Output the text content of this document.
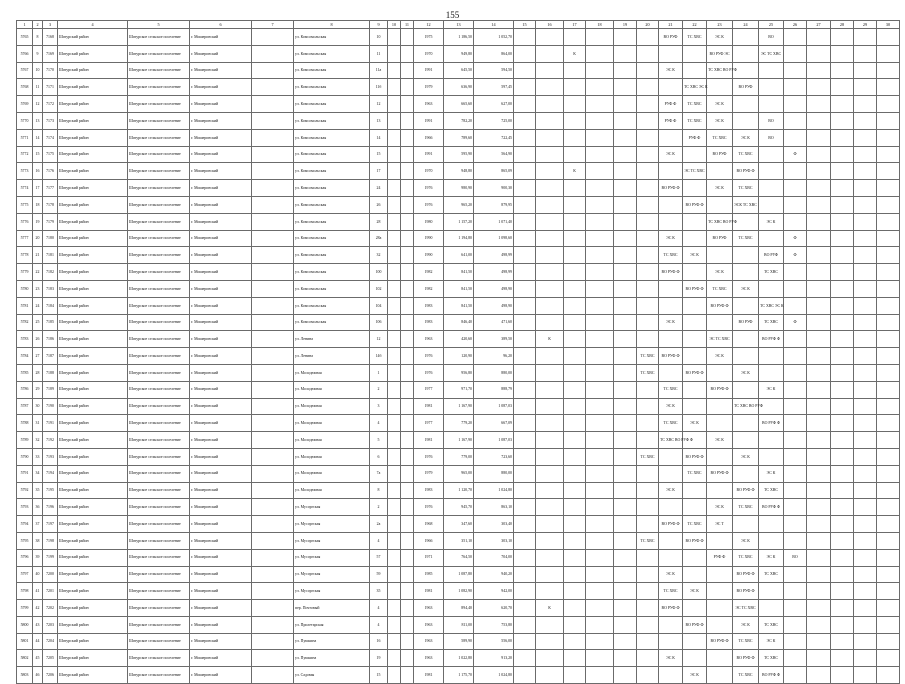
155
1	2	3	4	5	6	7	8	9	10	11	12	13	14	15	16	17	18	19	20	21	22	23	24	25	26	27	28	29	30
5765	8	7168	Шатурский район	Шатурское сельское поселение	г. Мишеронский		ул. Комсомольская	10			1975	1 186,50	1 052,70							ВО РУФ	ТС ХВС	ЭС К		ВО					
5766	9	7169	Шатурский район	Шатурское сельское поселение	г. Мишеронский		ул. Комсомольская	11			1970	949,80	864,00			К						ВО РУФ ЭС		ЭС ТС ХВС					
5767	10	7170	Шатурский район	Шатурское сельское поселение	г. Мишеронский		ул. Комсомольская	11а			1991	645,50	594,50							ЭС К		ТС ХВС ВО РУФ							
5768	11	7171	Шатурский район	Шатурское сельское поселение	г. Мишеронский		ул. Комсомольская	11б			1979	636,90	597,45								ТС ХВС ЭС К		ВО РУФ						
5769	12	7172	Шатурский район	Шатурское сельское поселение	г. Мишеронский		ул. Комсомольская	12			1963	665,60	627,00							РУФ Ф	ТС ХВС	ЭС К							
5770	13	7173	Шатурский район	Шатурское сельское поселение	г. Мишеронский		ул. Комсомольская	13			1991	782,20	725,00							РУФ Ф	ТС ХВС	ЭС К		ВО					
5771	14	7174	Шатурский район	Шатурское сельское поселение	г. Мишеронский		ул. Комсомольская	14			1966	789,60	722,45								РУФ Ф	ТС ХВС	ЭС К	ВО					
5772	15	7175	Шатурский район	Шатурское сельское поселение	г. Мишеронский		ул. Комсомольская	15			1991	595,90	564,90							ЭС К		ВО РУФ	ТС ХВС		Ф				
5773	16	7176	Шатурский район	Шатурское сельское поселение	г. Мишеронский		ул. Комсомольская	17			1970	948,80	865,09			К					ЭС ТС ХВС		ВО РУФ Ф						
5774	17	7177	Шатурский район	Шатурское сельское поселение	г. Мишеронский		ул. Комсомольская	24			1976	980,90	900,30							ВО РУФ Ф		ЭС К	ТС ХВС						
5775	18	7178	Шатурский район	Шатурское сельское поселение	г. Мишеронский		ул. Комсомольская	26			1976	965,20	879,95								ВО РУФ Ф		ЭСК ТС ХВС						
5776	19	7179	Шатурский район	Шатурское сельское поселение	г. Мишеронский		ул. Комсомольская	28			1980	1 157,20	1 071,40									ТС ХВС ВО РУФ		ЭС К					
5777	20	7180	Шатурский район	Шатурское сельское поселение	г. Мишеронский		ул. Комсомольская	28а			1990	1 194,80	1 098,60							ЭС К		ВО РУФ	ТС ХВС		Ф				
5778	21	7181	Шатурский район	Шатурское сельское поселение	г. Мишеронский		ул. Комсомольская	32			1990	641,00	498,99							ТС ХВС	ЭС К			ВО РУФ	Ф				
5779	22	7182	Шатурский район	Шатурское сельское поселение	г. Мишеронский		ул. Комсомольская	100			1982	841,50	498,99							ВО РУФ Ф		ЭС К		ТС ХВС					
5780	23	7183	Шатурский район	Шатурское сельское поселение	г. Мишеронский		ул. Комсомольская	102			1982	841,50	498,90								ВО РУФ Ф	ТС ХВС	ЭС К						
5781	24	7184	Шатурский район	Шатурское сельское поселение	г. Мишеронский		ул. Комсомольская	104			1983	841,50	498,90									ВО РУФ Ф		ТС ХВС ЭС К					
5782	25	7185	Шатурский район	Шатурское сельское поселение	г. Мишеронский		ул. Комсомольская	106			1983	846,40	471,60							ЭС К			ВО РУФ	ТС ХВС	Ф				
5783	26	7186	Шатурский район	Шатурское сельское поселение	г. Мишеронский		ул. Ленина	12			1963	420,60	389,50		К							ЭС ТС ХВС		ВО РУФ Ф					
5784	27	7187	Шатурский район	Шатурское сельское поселение	г. Мишеронский		ул. Ленина	14б			1976	120,90	96,20						ТС ХВС	ВО РУФ Ф		ЭС К							
5785	28	7188	Шатурский район	Шатурское сельское поселение	г. Мишеронский		ул. Молодежная	1			1976	956,80	880,00						ТС ХВС		ВО РУФ Ф		ЭС К						
5786	29	7189	Шатурский район	Шатурское сельское поселение	г. Мишеронский		ул. Молодежная	2			1977	971,70	888,79							ТС ХВС		ВО РУФ Ф		ЭС К					
5787	30	7190	Шатурский район	Шатурское сельское поселение	г. Мишеронский		ул. Молодежная	3			1981	1 167,90	1 087,03							ЭС К			ТС ХВС ВО РУФ						
5788	31	7191	Шатурский район	Шатурское сельское поселение	г. Мишеронский		ул. Молодежная	4			1977	779,20	667,09							ТС ХВС	ЭС К			ВО РУФ Ф					
5789	32	7192	Шатурский район	Шатурское сельское поселение	г. Мишеронский		ул. Молодежная	5			1981	1 167,90	1 087,03							ТС ХВС ВО РУФ Ф		ЭС К							
5790	33	7193	Шатурский район	Шатурское сельское поселение	г. Мишеронский		ул. Молодежная	6			1976	779,00	723,60						ТС ХВС		ВО РУФ Ф		ЭС К						
5791	34	7194	Шатурский район	Шатурское сельское поселение	г. Мишеронский		ул. Молодежная	7а			1979	965,00	880,00								ТС ХВС	ВО РУФ Ф		ЭС К					
5792	35	7195	Шатурский район	Шатурское сельское поселение	г. Мишеронский		ул. Молодежная	8			1983	1 120,70	1 024,80							ЭС К			ВО РУФ Ф	ТС ХВС					
5793	36	7196	Шатурский район	Шатурское сельское поселение	г. Мишеронский		ул. Мусоргская	2			1976	945,70	863,10									ЭС К	ТС ХВС	ВО РУФ Ф					
5794	37	7197	Шатурский район	Шатурское сельское поселение	г. Мишеронский		ул. Мусоргская	2а			1968	347,60	303,40							ВО РУФ Ф	ТС ХВС	ЭС Т							
5795	38	7198	Шатурский район	Шатурское сельское поселение	г. Мишеронский		ул. Мусоргская	4			1966	351,10	303,10						ТС ХВС		ВО РУФ Ф		ЭС К						
5796	39	7199	Шатурский район	Шатурское сельское поселение	г. Мишеронский		ул. Мусоргская	57			1971	764,50	704,00									РУФ Ф	ТС ХВС	ЭС К	ВО				
5797	40	7200	Шатурский район	Шатурское сельское поселение	г. Мишеронский		ул. Мусоргская	59			1985	1 087,80	940,20							ЭС К			ВО РУФ Ф	ТС ХВС					
5798	41	7201	Шатурский район	Шатурское сельское поселение	г. Мишеронский		ул. Мусоргская	35			1981	1 082,90	942,00							ТС ХВС	ЭС К		ВО РУФ Ф						
5799	42	7202	Шатурский район	Шатурское сельское поселение	г. Мишеронский		пер. Почтовый	4			1963	894,40	620,70		К					ВО РУФ Ф			ЭС ТС ХВС						
5800	43	7203	Шатурский район	Шатурское сельское поселение	г. Мишеронский		ул. Пролетарская	4			1963	811,00	753,80								ВО РУФ Ф		ЭС К	ТС ХВС					
5801	44	7204	Шатурский район	Шатурское сельское поселение	г. Мишеронский		ул. Пушкина	16			1963	589,90	556,00									ВО РУФ Ф	ТС ХВС	ЭС К					
5802	45	7205	Шатурский район	Шатурское сельское поселение	г. Мишеронский		ул. Пушкина	19			1963	1 022,80	913,20							ЭС К			ВО РУФ Ф	ТС ХВС					
5803	46	7206	Шатурский район	Шатурское сельское поселение	г. Мишеронский		ул. Садовая	15			1981	1 175,70	1 024,80								ЭС К		ТС ХВС	ВО РУФ Ф					
